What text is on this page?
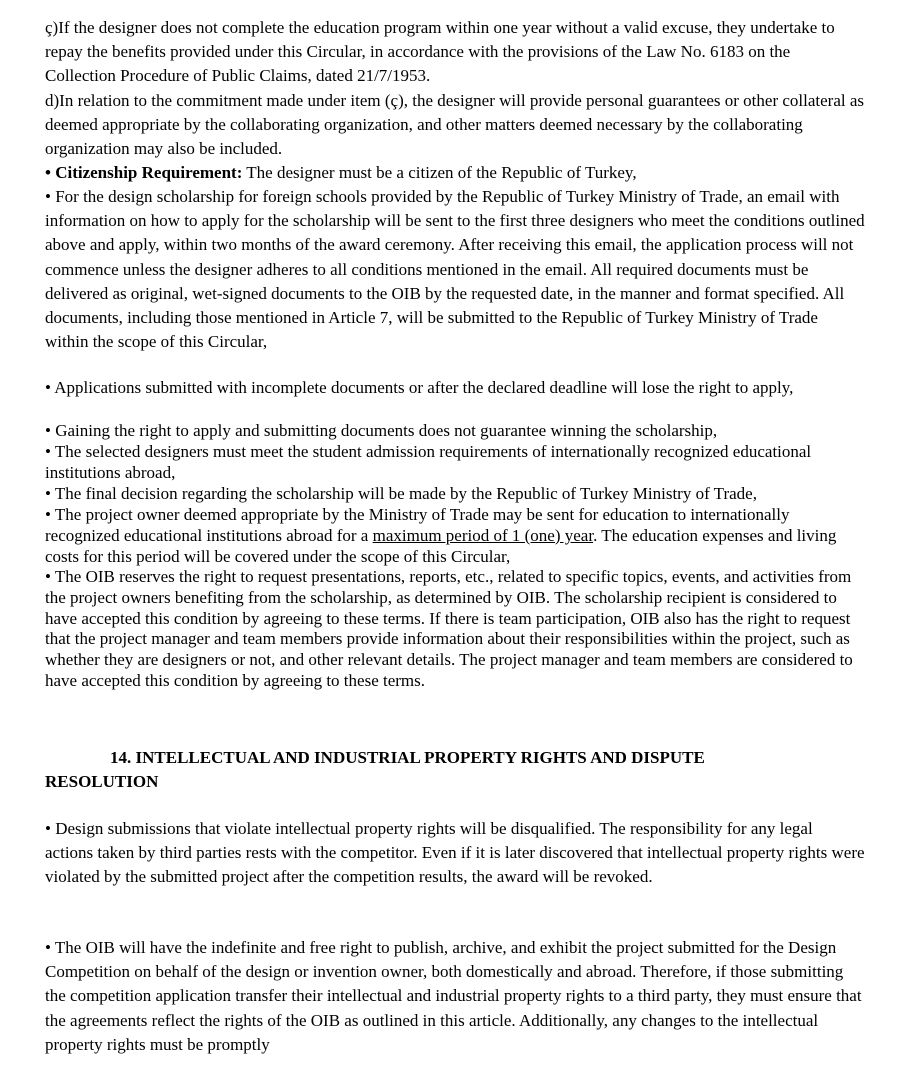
ç)If the designer does not complete the education program within one year without a valid excuse, they undertake to repay the benefits provided under this Circular, in accordance with the provisions of the Law No. 6183 on the Collection Procedure of Public Claims, dated 21/7/1953.

d)In relation to the commitment made under item (ç), the designer will provide personal guarantees or other collateral as deemed appropriate by the collaborating organization, and other matters deemed necessary by the collaborating organization may also be included.

• Citizenship Requirement: The designer must be a citizen of the Republic of Turkey,

• For the design scholarship for foreign schools provided by the Republic of Turkey Ministry of Trade, an email with information on how to apply for the scholarship will be sent to the first three designers who meet the conditions outlined above and apply, within two months of the award ceremony. After receiving this email, the application process will not commence unless the designer adheres to all conditions mentioned in the email. All required documents must be delivered as original, wet-signed documents to the OIB by the requested date, in the manner and format specified. All documents, including those mentioned in Article 7, will be submitted to the Republic of Turkey Ministry of Trade within the scope of this Circular,

• Applications submitted with incomplete documents or after the declared deadline will lose the right to apply,

• Gaining the right to apply and submitting documents does not guarantee winning the scholarship,

• The selected designers must meet the student admission requirements of internationally recognized educational institutions abroad,

• The final decision regarding the scholarship will be made by the Republic of Turkey Ministry of Trade,

• The project owner deemed appropriate by the Ministry of Trade may be sent for education to internationally recognized educational institutions abroad for a maximum period of 1 (one) year. The education expenses and living costs for this period will be covered under the scope of this Circular,

• The OIB reserves the right to request presentations, reports, etc., related to specific topics, events, and activities from the project owners benefiting from the scholarship, as determined by OIB. The scholarship recipient is considered to have accepted this condition by agreeing to these terms. If there is team participation, OIB also has the right to request that the project manager and team members provide information about their responsibilities within the project, such as whether they are designers or not, and other relevant details. The project manager and team members are considered to have accepted this condition by agreeing to these terms.

14. INTELLECTUAL AND INDUSTRIAL PROPERTY RIGHTS AND DISPUTE
RESOLUTION

• Design submissions that violate intellectual property rights will be disqualified. The responsibility for any legal actions taken by third parties rests with the competitor. Even if it is later discovered that intellectual property rights were violated by the submitted project after the competition results, the award will be revoked.

• The OIB will have the indefinite and free right to publish, archive, and exhibit the project submitted for the Design Competition on behalf of the design or invention owner, both domestically and abroad. Therefore, if those submitting the competition application transfer their intellectual and industrial property rights to a third party, they must ensure that the agreements reflect the rights of the OIB as outlined in this article. Additionally, any changes to the intellectual property rights must be promptly
